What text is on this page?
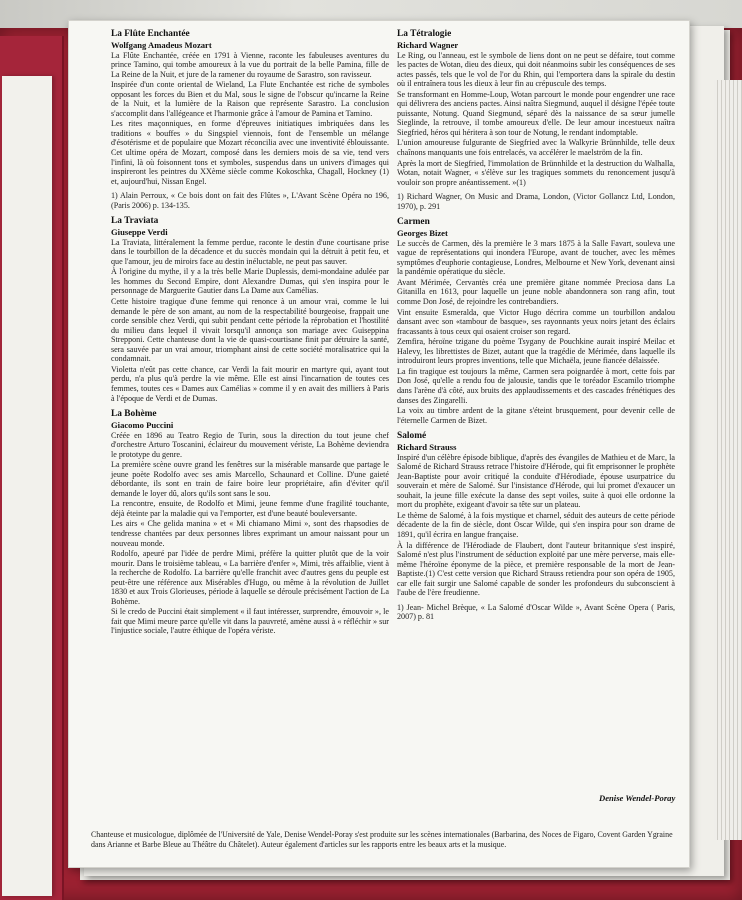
La Flûte Enchantée
Wolfgang Amadeus Mozart

La Flûte Enchantée, créée en 1791 à Vienne, raconte les fabuleuses aventures du prince Tamino, qui tombe amoureux à la vue du portrait de la belle Pamina, fille de La Reine de la Nuit, et jure de la ramener du royaume de Sarastro, son ravisseur.

Inspirée d'un conte oriental de Wieland, La Flute Enchantée est riche de symboles opposant les forces du Bien et du Mal, sous le signe de l'obscur qu'incarne la Reine de la Nuit, et la lumière de la Raison que représente Sarastro. La conclusion s'accomplit dans l'allégeance et l'harmonie grâce à l'amour de Pamina et Tamino.

Les rites maçonniques, en forme d'épreuves initiatiques imbriquées dans les traditions « bouffes » du Singspiel viennois, font de l'ensemble un mélange d'ésotérisme et de populaire que Mozart réconcilia avec une inventivité éblouissante. Cet ultime opéra de Mozart, composé dans les derniers mois de sa vie, tend vers l'infini, là où foisonnent tons et symboles, suspendus dans un univers d'images qui inspireront les peintres du XXème siècle comme Kokoschka, Chagall, Hockney (1) et, aujourd'hui, Nissan Engel.

1) Alain Perroux, « Ce bois dont on fait des Flûtes », L'Avant Scène Opéra no 196, (Paris 2006) p. 134-135.

La Traviata
Giuseppe Verdi

La Traviata, littéralement la femme perdue, raconte le destin d'une courtisane prise dans le tourbillon de la décadence et du succès mondain qui la détruit à petit feu, et que l'amour, jeu de miroirs face au destin inéluctable, ne peut pas sauver.

À l'origine du mythe, il y a la très belle Marie Duplessis, demi-mondaine adulée par les hommes du Second Empire, dont Alexandre Dumas, qui s'en inspira pour le personnage de Marguerite Gautier dans La Dame aux Camélias.

Cette histoire tragique d'une femme qui renonce à un amour vrai, comme le lui demande le père de son amant, au nom de la respectabilité bourgeoise, frappait une corde sensible chez Verdi, qui subit pendant cette période la réprobation et l'hostilité du milieu dans lequel il vivait lorsqu'il annonça son mariage avec Guiseppina Strepponi. Cette chanteuse dont la vie de quasi-courtisane finit par détruire la santé, sera sauvée par un vrai amour, triomphant ainsi de cette société moralisatrice qui la condamnait.

Violetta n'eût pas cette chance, car Verdi la fait mourir en martyre qui, ayant tout perdu, n'a plus qu'à perdre la vie même. Elle est ainsi l'incarnation de toutes ces femmes, toutes ces « Dames aux Camélias » comme il y en avait des milliers à Paris à l'époque de Verdi et de Dumas.

La Bohème
Giacomo Puccini

Créée en 1896 au Teatro Regio de Turin, sous la direction du tout jeune chef d'orchestre Arturo Toscanini, éclaireur du mouvement vériste, La Bohème deviendra le prototype du genre.

La première scène ouvre grand les fenêtres sur la misérable mansarde que partage le jeune poète Rodolfo avec ses amis Marcello, Schaunard et Colline. D'une gaieté débordante, ils sont en train de faire boire leur propriétaire, afin d'éviter qu'il demande le loyer dû, alors qu'ils sont sans le sou.

La rencontre, ensuite, de Rodolfo et Mimi, jeune femme d'une fragilité touchante, déjà éteinte par la maladie qui va l'emporter, est d'une beauté bouleversante.

Les airs « Che gelida manina » et « Mi chiamano Mimi », sont des rhapsodies de tendresse chantées par deux personnes libres exprimant un amour naissant pour un nouveau monde.

Rodolfo, apeuré par l'idée de perdre Mimi, préfère la quitter plutôt que de la voir mourir. Dans le troisième tableau, « La barrière d'enfer », Mimi, très affaiblie, vient à la recherche de Rodolfo. La barrière qu'elle franchit avec d'autres gens du peuple est peut-être une référence aux Misérables d'Hugo, ou même à la révolution de Juillet 1830 et aux Trois Glorieuses, période à laquelle se déroule précisément l'action de La Bohème.

Si le credo de Puccini était simplement « il faut intéresser, surprendre, émouvoir », le fait que Mimi meure parce qu'elle vit dans la pauvreté, amène aussi à « réfléchir » sur l'injustice sociale, l'autre éthique de l'opéra vériste.

La Tétralogie
Richard Wagner

Le Ring, ou l'anneau, est le symbole de liens dont on ne peut se défaire, tout comme les pactes de Wotan, dieu des dieux, qui doit néanmoins subir les conséquences de ses actes passés, tels que le vol de l'or du Rhin, qui l'emportera dans la spirale du destin où il entraînera tous les dieux à leur fin au crépuscule des temps.

Se transformant en Homme-Loup, Wotan parcourt le monde pour engendrer une race qui délivrera des anciens pactes. Ainsi naîtra Siegmund, auquel il désigne l'épée toute puissante, Notung. Quand Siegmund, séparé dès la naissance de sa sœur jumelle Sieglinde, la retrouve, il tombe amoureux d'elle. De leur amour incestueux naîtra Siegfried, héros qui héritera à son tour de Notung, le rendant indomptable.

L'union amoureuse fulgurante de Siegfried avec la Walkyrie Brünnhilde, telle deux chaînons manquants une fois entrelacés, va accélérer le maelström de la fin.

Après la mort de Siegfried, l'immolation de Brünnhilde et la destruction du Walhalla, Wotan, notait Wagner, « s'élève sur les tragiques sommets du renoncement jusqu'à vouloir son propre anéantissement. »(1)

1) Richard Wagner, On Music and Drama, London, (Victor Gollancz Ltd, London, 1970), p. 291

Carmen
Georges Bizet

Le succès de Carmen, dès la première le 3 mars 1875 à la Salle Favart, souleva une vague de représentations qui inondera l'Europe, avant de toucher, avec les mêmes symptômes d'euphorie contagieuse, Londres, Melbourne et New York, devenant ainsi la pandémie opératique du siècle.

Avant Mérimée, Cervantès créa une première gitane nommée Preciosa dans La Gitanilla en 1613, pour laquelle un jeune noble abandonnera son rang afin, tout comme Don José, de rejoindre les contrebandiers.

Vint ensuite Esmeralda, que Victor Hugo décrira comme un tourbillon andalou dansant avec son «tambour de basque», ses rayonnants yeux noirs jetant des éclairs fracassants à tous ceux qui osaient croiser son regard.

Zemfira, héroïne tzigane du poème Tsygany de Pouchkine aurait inspiré Meilac et Halevy, les librettistes de Bizet, autant que la tragédie de Mérimée, dans laquelle ils introduiront leurs propres inventions, telle que Michaëla, jeune fiancée délaissée.

La fin tragique est toujours la même, Carmen sera poignardée à mort, cette fois par Don José, qu'elle a rendu fou de jalousie, tandis que le toréador Escamilo triomphe dans l'arène d'à côté, aux bruits des applaudissements et des cascades frénétiques des danses des Zingarelli.

La voix au timbre ardent de la gitane s'éteint brusquement, pour devenir celle de l'éternelle Carmen de Bizet.

Salomé
Richard Strauss

Inspiré d'un célèbre épisode biblique, d'après des évangiles de Mathieu et de Marc, la Salomé de Richard Strauss retrace l'histoire d'Hérode, qui fit emprisonner le prophète Jean-Baptiste pour avoir critiqué la conduite d'Hérodiade, épouse usurpatrice du souverain et mère de Salomé. Sur l'insistance d'Hérode, qui lui promet d'exaucer un souhait, la jeune fille exécute la danse des sept voiles, suite à quoi elle ordonne la mort du prophète, exigeant d'avoir sa tête sur un plateau.

Le thème de Salomé, à la fois mystique et charnel, séduit des auteurs de cette période décadente de la fin de siècle, dont Oscar Wilde, qui s'en inspira pour son drame de 1891, qu'il écrira en langue française.

À la différence de l'Hérodiade de Flaubert, dont l'auteur britannique s'est inspiré, Salomé n'est plus l'instrument de séduction exploité par une mère perverse, mais elle-même l'héroïne éponyme de la pièce, et première responsable de la mort de Jean-Baptiste.(1) C'est cette version que Richard Strauss retiendra pour son opéra de 1905, car elle fait surgir une Salomé capable de sonder les profondeurs du subconscient à l'aube de l'ère freudienne.

1) Jean- Michel Brèque, « La Salomé d'Oscar Wilde », Avant Scène Opera ( Paris, 2007) p. 81

Denise Wendel-Poray
Chanteuse et musicologue, diplômée de l'Université de Yale, Denise Wendel-Poray s'est produite sur les scènes internationales (Barbarina, des Noces de Figaro, Covent Garden Ygraine dans Arianne et Barbe Bleue au Théâtre du Châtelet). Auteur également d'articles sur les rapports entre les beaux arts et la musique.
